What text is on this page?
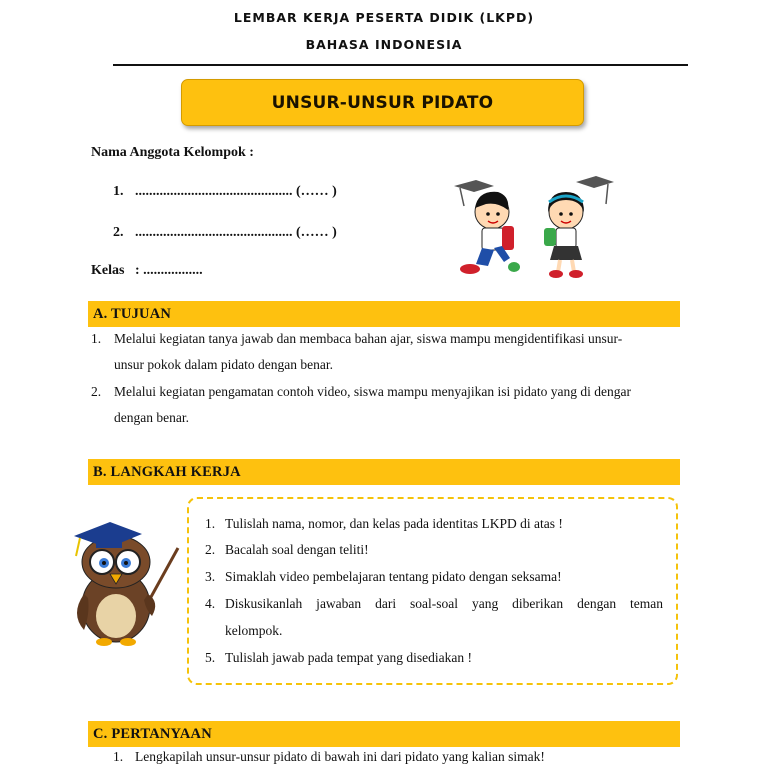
LEMBAR KERJA PESERTA DIDIK (LKPD)
BAHASA INDONESIA
UNSUR-UNSUR PIDATO
Nama Anggota Kelompok :
1. ............................................. (…… )
2. ............................................. (…… )
Kelas : .................
A. TUJUAN
1. Melalui kegiatan tanya jawab dan membaca bahan ajar, siswa mampu mengidentifikasi unsur-
unsur pokok dalam pidato dengan benar.
2. Melalui kegiatan pengamatan contoh video, siswa mampu menyajikan isi pidato yang di dengar
dengan benar.
B. LANGKAH KERJA
1. Tulislah nama, nomor, dan kelas pada identitas LKPD di atas !
2. Bacalah soal dengan teliti!
3. Simaklah video pembelajaran tentang pidato dengan seksama!
4. Diskusikanlah jawaban dari soal-soal yang diberikan dengan teman
kelompok.
5. Tulislah jawab pada tempat yang disediakan !
C. PERTANYAAN
1. Lengkapilah unsur-unsur pidato di bawah ini dari pidato yang kalian simak!
